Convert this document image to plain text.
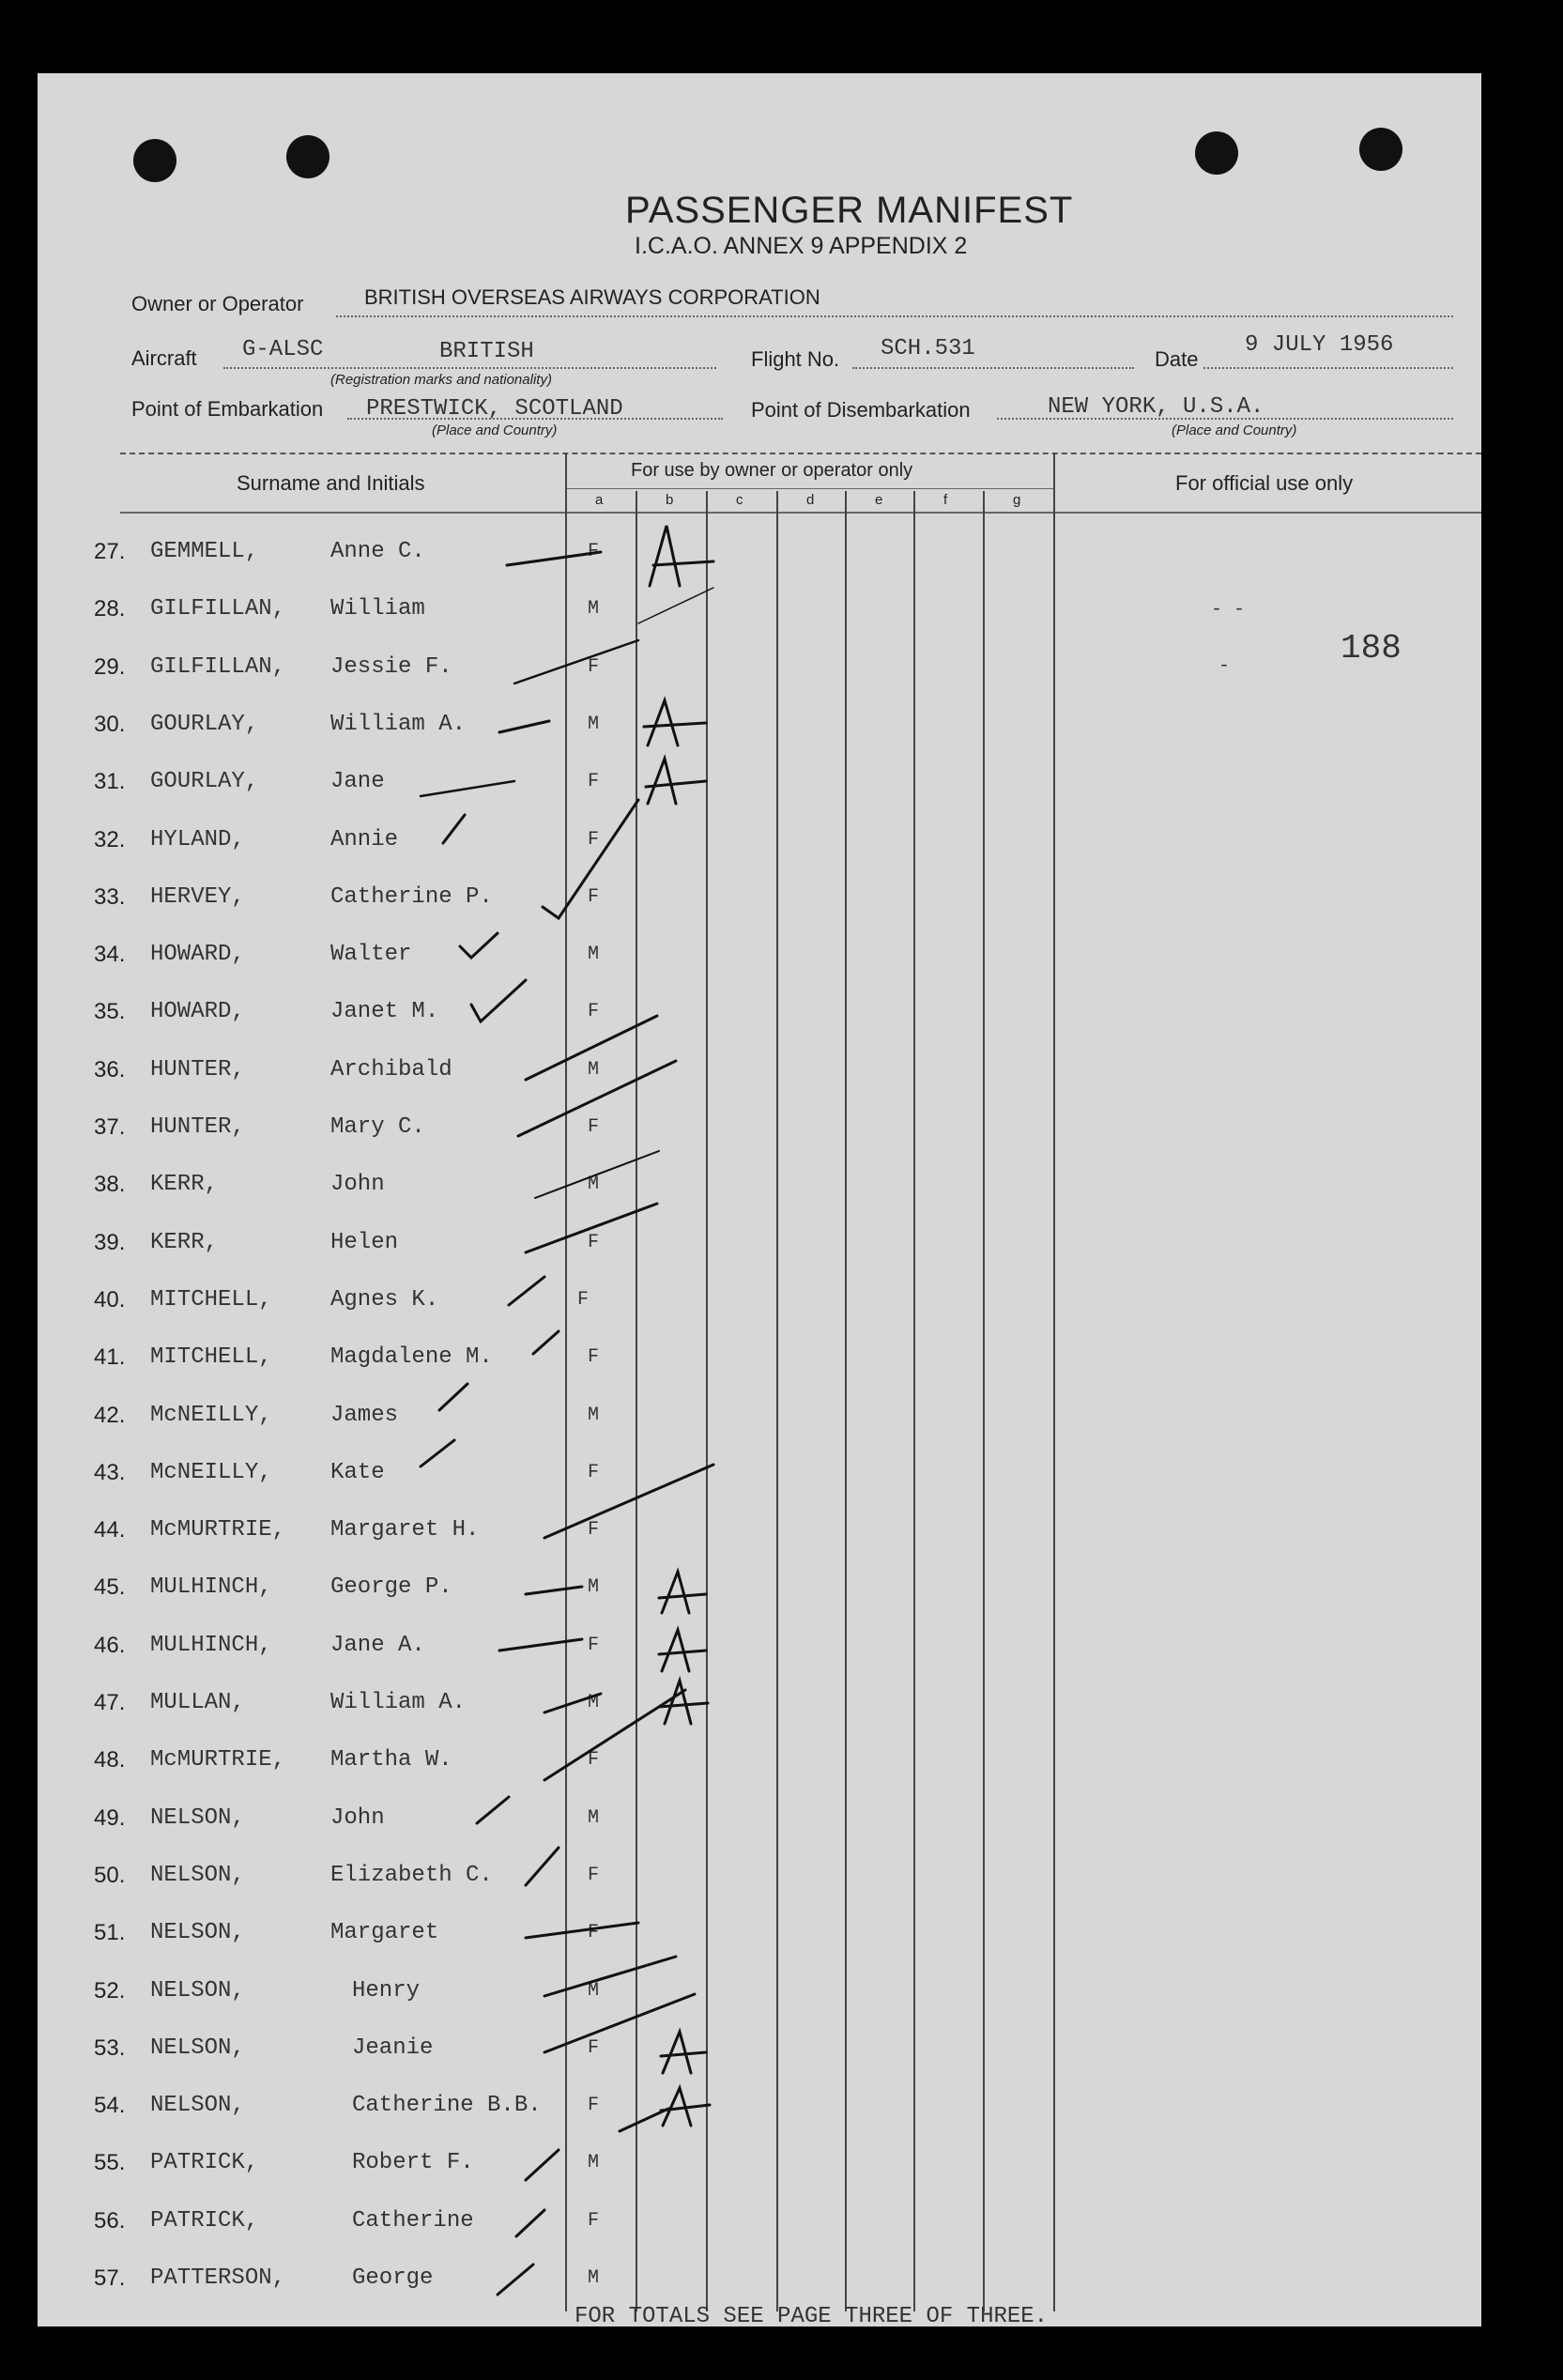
PASSENGER MANIFEST
I.C.A.O. ANNEX 9 APPENDIX 2
Owner or Operator	BRITISH OVERSEAS AIRWAYS CORPORATION
Aircraft G-ALSC	BRITISH
(Registration marks and nationality)
Flight No. SCH.531	Date
9 JULY 1956
Point of Embarkation PRESTWICK, SCOTLAND
(Place and Country)
Point of Disembarkation	NEW YORK, U.S.A.
(Place and Country)
Surname and Initials
For use by owner or operator only
For official use only
a	b	c	d	e	f	g
188
- -
-
27. GEMMELL,	Anne C.	F
28. GILFILLAN, William	M
29. GILFILLAN, Jessie F.	F
30. GOURLAY,	William A.	M
31. GOURLAY,	Jane	F
32. HYLAND,	Annie	F
33. HERVEY,	Catherine P.	F
34. HOWARD,	Walter	M
35. HOWARD,	Janet M.	F
36. HUNTER,	Archibald	M
37. HUNTER,	Mary C.	F
38. KERR,	John	M
39. KERR,	Helen	F
40. MITCHELL,	Agnes K.	F
41. MITCHELL,	Magdalene M.	F
42. McNEILLY,	James	M
43. McNEILLY,	Kate	F
44. McMURTRIE, Margaret H.	F
45. MULHINCH,	George P.	M
46. MULHINCH,	Jane A.	F
47. MULLAN,	William A.	M
48. McMURTRIE, Martha W.	F
49. NELSON,	John	M
50. NELSON,	Elizabeth C.	F
51. NELSON,	Margaret	F
52. NELSON,	Henry	M
53. NELSON,	Jeanie	F
54. NELSON,	Catherine B.B. F
55. PATRICK,	Robert F.	M
56. PATRICK,	Catherine	F
57. PATTERSON,	George	M
FOR TOTALS SEE PAGE THREE OF THREE.
